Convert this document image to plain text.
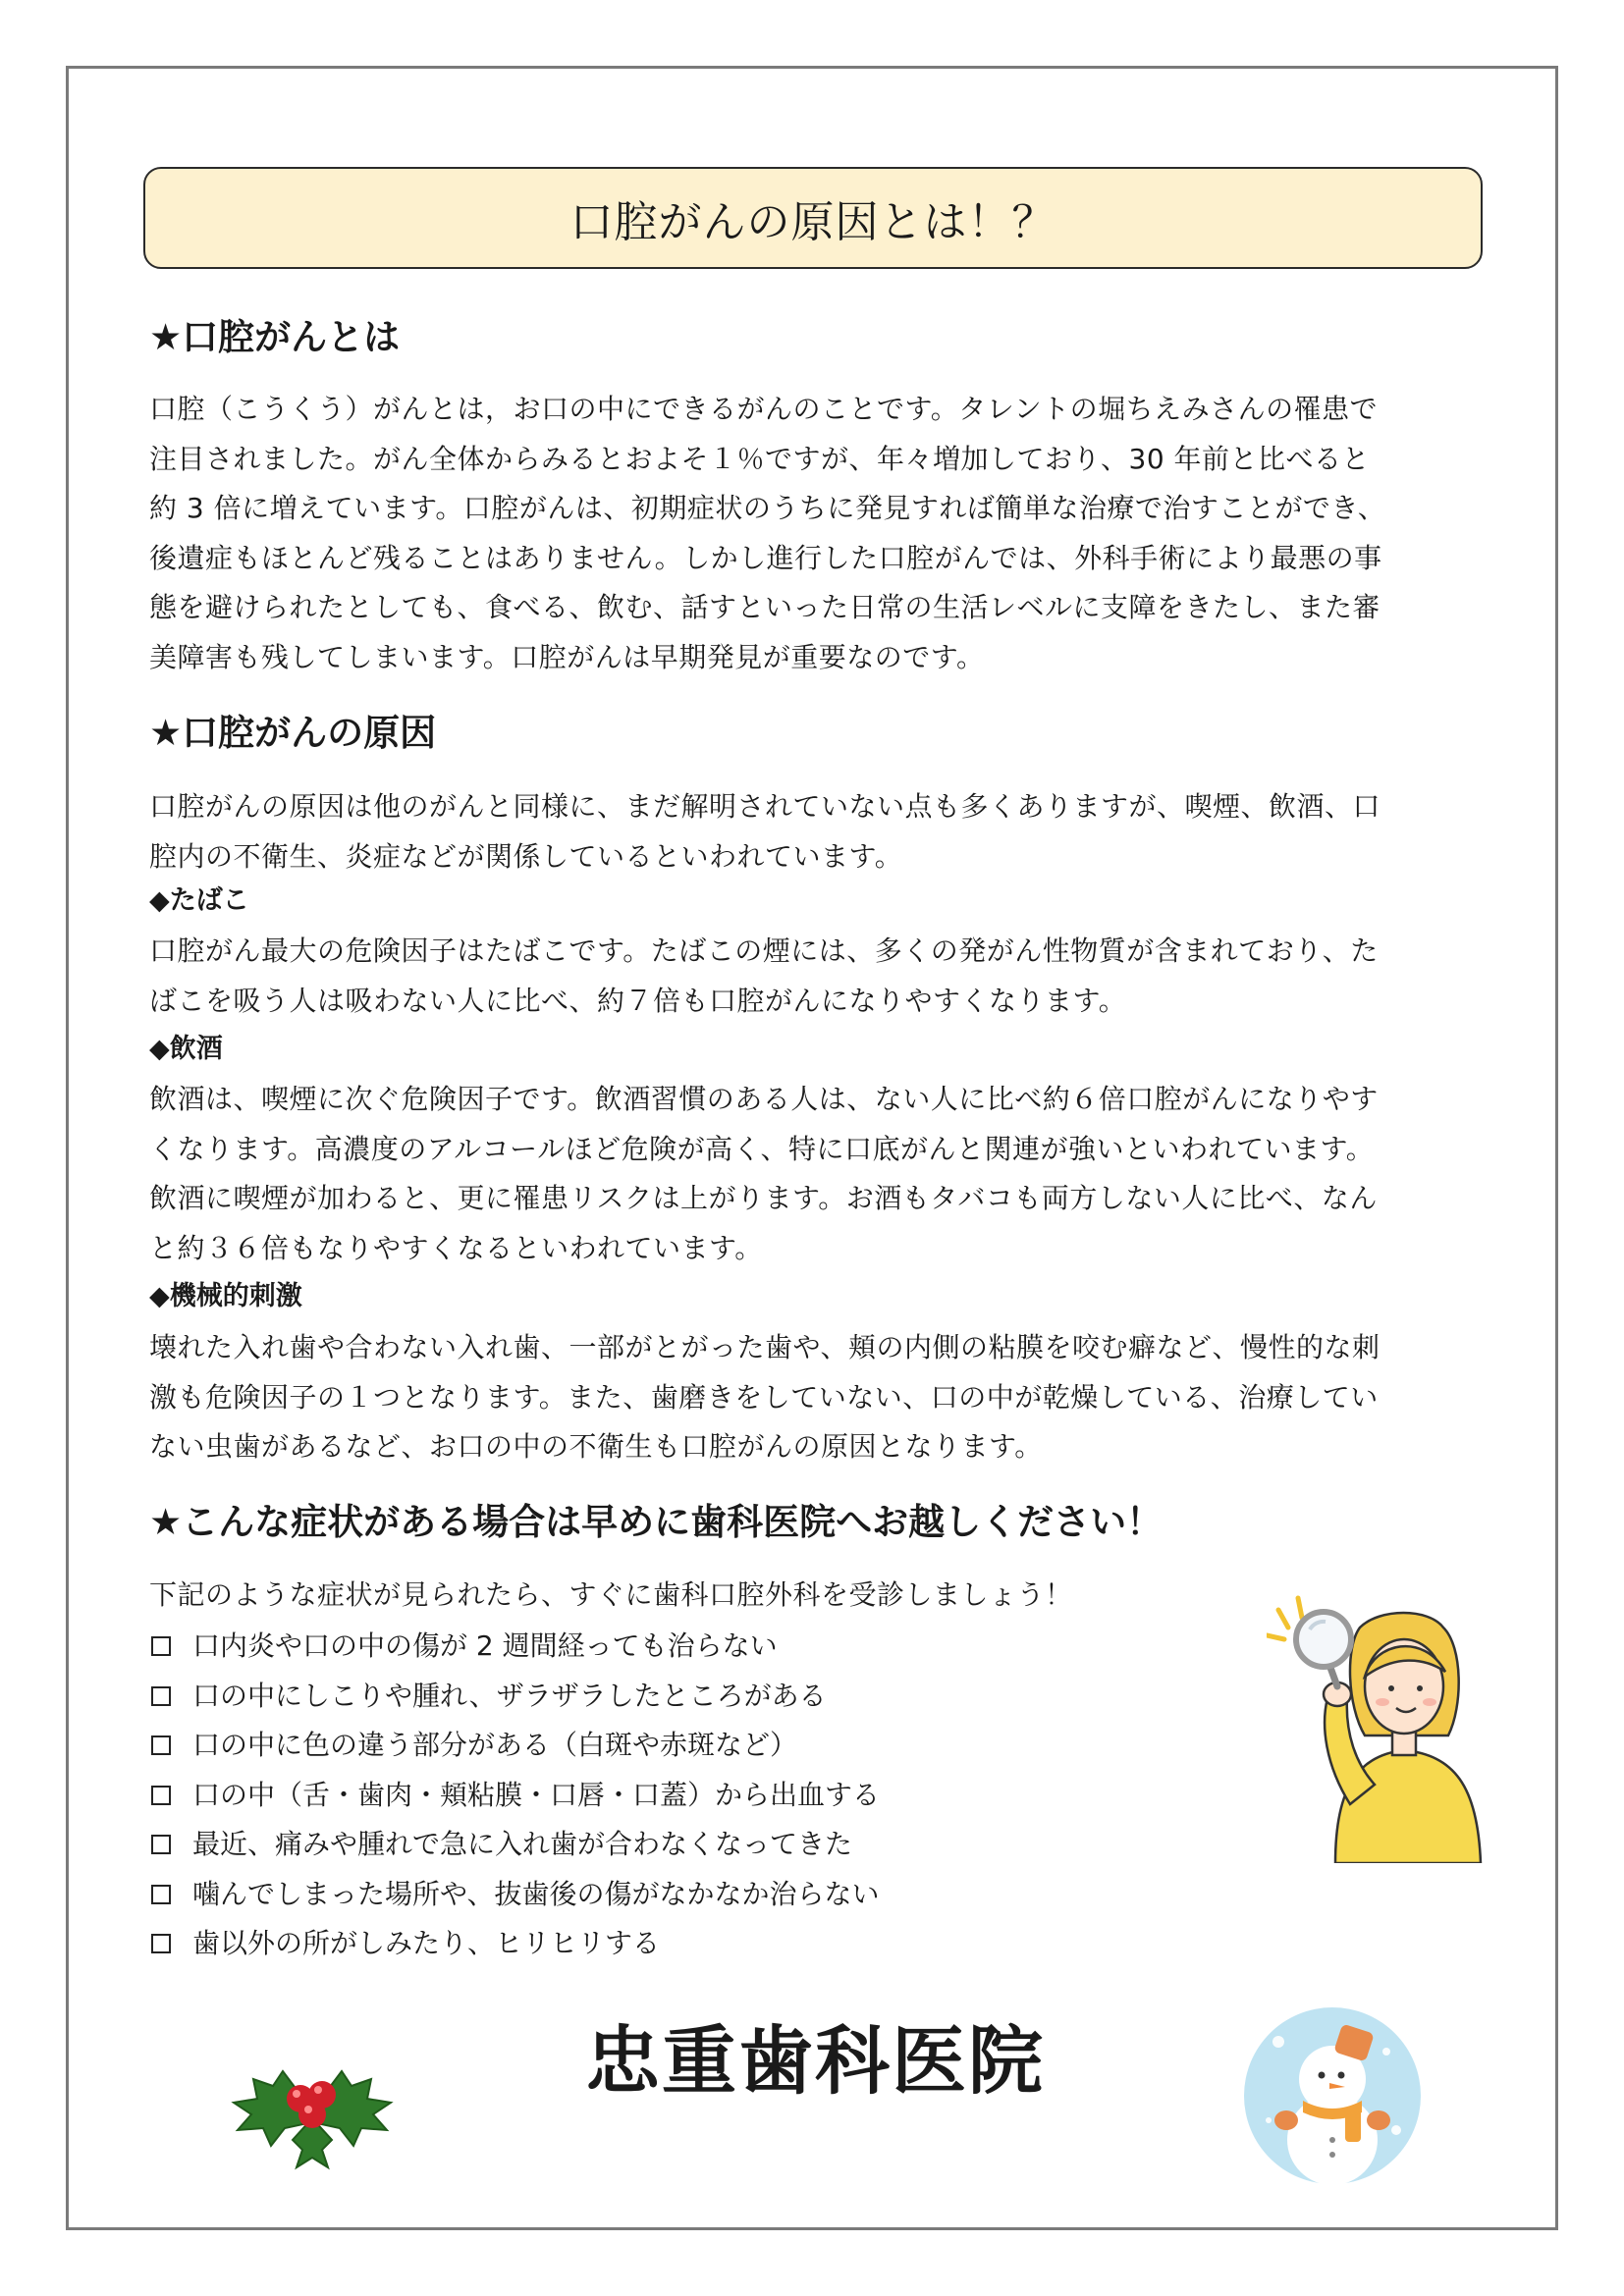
口腔がんの原因とは！？
★口腔がんとは

口腔（こうくう）がんとは，お口の中にできるがんのことです。タレントの堀ちえみさんの罹患で

注目されました。がん全体からみるとおよそ１％ですが、年々増加しており、30 年前と比べると

約 3 倍に増えています。口腔がんは、初期症状のうちに発見すれば簡単な治療で治すことができ、

後遺症もほとんど残ることはありません。しかし進行した口腔がんでは、外科手術により最悪の事

態を避けられたとしても、食べる、飲む、話すといった日常の生活レベルに支障をきたし、また審

美障害も残してしまいます。口腔がんは早期発見が重要なのです。

★口腔がんの原因

口腔がんの原因は他のがんと同様に、まだ解明されていない点も多くありますが、喫煙、飲酒、口

腔内の不衛生、炎症などが関係しているといわれています。

◆たばこ

口腔がん最大の危険因子はたばこです。たばこの煙には、多くの発がん性物質が含まれており、た

ばこを吸う人は吸わない人に比べ、約７倍も口腔がんになりやすくなります。

◆飲酒

飲酒は、喫煙に次ぐ危険因子です。飲酒習慣のある人は、ない人に比べ約６倍口腔がんになりやす

くなります。高濃度のアルコールほど危険が高く、特に口底がんと関連が強いといわれています。

飲酒に喫煙が加わると、更に罹患リスクは上がります。お酒もタバコも両方しない人に比べ、なん

と約３６倍もなりやすくなるといわれています。

◆機械的刺激

壊れた入れ歯や合わない入れ歯、一部がとがった歯や、頬の内側の粘膜を咬む癖など、慢性的な刺

激も危険因子の１つとなります。また、歯磨きをしていない、口の中が乾燥している、治療してい

ない虫歯があるなど、お口の中の不衛生も口腔がんの原因となります。

★こんな症状がある場合は早めに歯科医院へお越しください！

下記のような症状が見られたら、すぐに歯科口腔外科を受診しましょう！

口内炎や口の中の傷が 2 週間経っても治らない
口の中にしこりや腫れ、ザラザラしたところがある
口の中に色の違う部分がある（白斑や赤斑など）
口の中（舌・歯肉・頬粘膜・口唇・口蓋）から出血する
最近、痛みや腫れで急に入れ歯が合わなくなってきた
噛んでしまった場所や、抜歯後の傷がなかなか治らない
歯以外の所がしみたり、ヒリヒリする
忠重歯科医院
